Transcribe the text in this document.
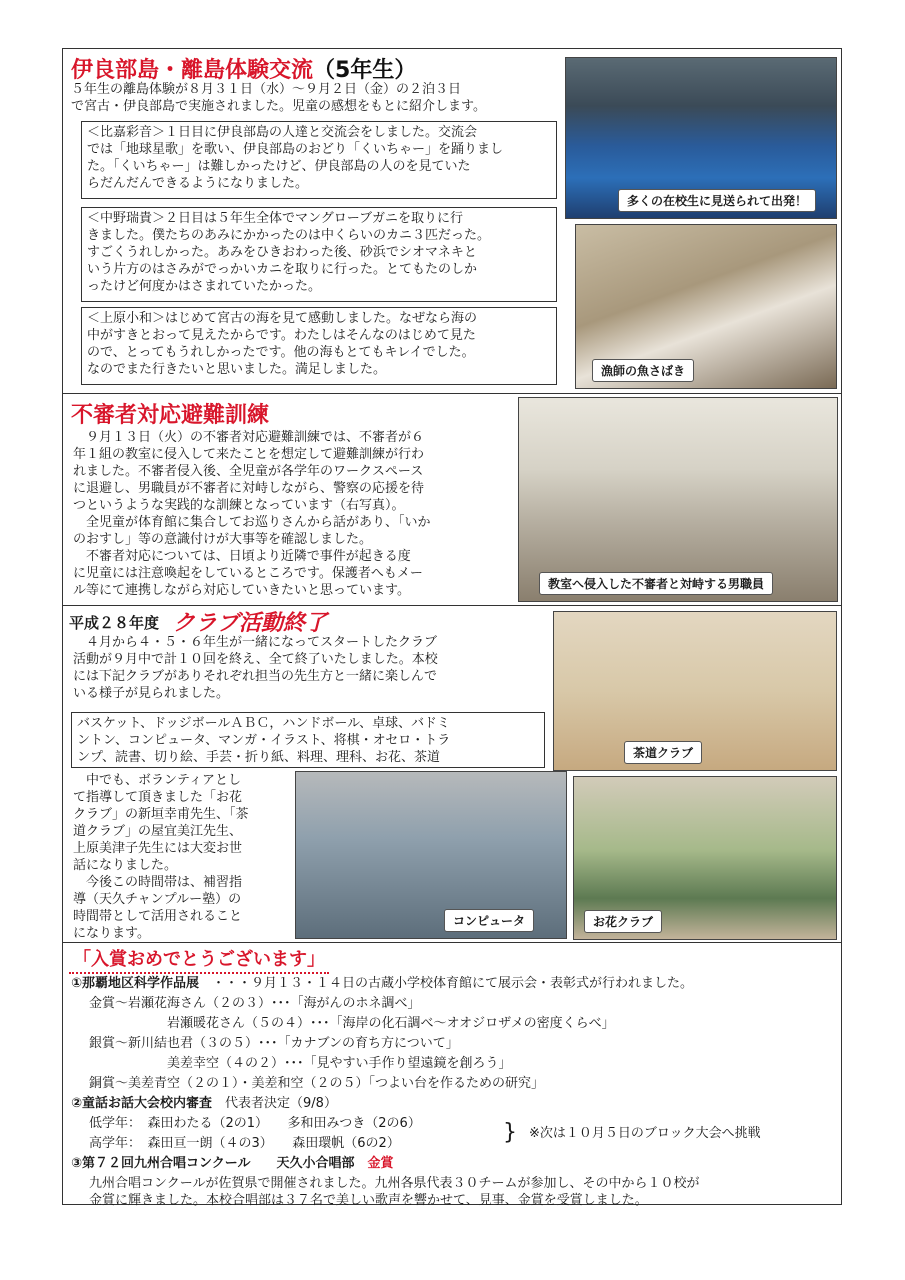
伊良部島・離島体験交流（5年生）
５年生の離島体験が８月３１日（水）～９月２日（金）の２泊３日
で宮古・伊良部島で実施されました。児童の感想をもとに紹介します。
＜比嘉彩音＞１日目に伊良部島の人達と交流会をしました。交流会
では「地球星歌」を歌い、伊良部島のおどり「くいちゃー」を踊りまし
た。「くいちゃー」は難しかったけど、伊良部島の人のを見ていた
らだんだんできるようになりました。
＜中野瑞貴＞２日目は５年生全体でマングローブガニを取りに行
きました。僕たちのあみにかかったのは中くらいのカニ３匹だった。
すごくうれしかった。あみをひきおわった後、砂浜でシオマネキと
いう片方のはさみがでっかいカニを取りに行った。とてもたのしか
ったけど何度かはさまれていたかった。
＜上原小和＞はじめて宮古の海を見て感動しました。なぜなら海の
中がすきとおって見えたからです。わたしはそんなのはじめて見た
ので、とってもうれしかったです。他の海もとてもキレイでした。
なのでまた行きたいと思いました。満足しました。
多くの在校生に見送られて出発！
漁師の魚さばき
不審者対応避難訓練
　９月１３日（火）の不審者対応避難訓練では、不審者が６
年１組の教室に侵入して来たことを想定して避難訓練が行わ
れました。不審者侵入後、全児童が各学年のワークスペース
に退避し、男職員が不審者に対峙しながら、警察の応援を待
つというような実践的な訓練となっています（右写真）。
　全児童が体育館に集合してお巡りさんから話があり、｢いか
のおすし」等の意識付けが大事等を確認しました。
　不審者対応については、日頃より近隣で事件が起きる度
に児童には注意喚起をしているところです。保護者へもメー
ル等にて連携しながら対応していきたいと思っています。	教室へ侵入した不審者と対峙する男職員
平成２８年度 クラブ活動終了
　４月から４・５・６年生が一緒になってスタートしたクラブ
活動が９月中で計１０回を終え、全て終了いたしました。本校
には下記クラブがありそれぞれ担当の先生方と一緒に楽しんで
いる様子が見られました。
バスケット、ドッジボールＡＢＣ，ハンドボール、卓球、バドミ
ントン、コンピュータ、マンガ・イラスト、将棋・オセロ・トラ
ンプ、読書、切り絵、手芸・折り紙、料理、理科、お花、茶道
　中でも、ボランティアとし
て指導して頂きました「お花
クラブ」の新垣幸甫先生、「茶
道クラブ」の屋宜美江先生、
上原美津子先生には大変お世
話になりました。
　今後この時間帯は、補習指
導（天久チャンプルー塾）の
時間帯として活用されること
になります。
茶道クラブ
コンピュータ	お花クラブ
「入賞おめでとうございます」
①那覇地区科学作品展　 ・・・９月１３・１４日の古蔵小学校体育館にて展示会・表彰式が行われました。
金賞～岩瀬花海さん（２の３）･･･「海がんのホネ調べ」
岩瀬暖花さん（５の４）･･･「海岸の化石調べ～オオジロザメの密度くらべ」
銀賞～新川結也君（３の５）･･･「カナブンの育ち方について」
美差幸空（４の２）･･･「見やすい手作り望遠鏡を創ろう」
銅賞～美差青空（２の１）・美差和空（２の５）「つよい台を作るための研究」
②童話お話大会校内審査　 代表者決定（9/8）
低学年：　森田わたる（2の1）　　多和田みつき（2の6）
高学年：　森田亘一朗（４の3）　　森田環帆（6の2）	} ※次は１０月５日のブロック大会へ挑戦
③第７２回九州合唱コンクール　　天久小合唱部　 金賞
九州合唱コンクールが佐賀県で開催されました。九州各県代表３０チームが参加し、その中から１０校が
金賞に輝きました。本校合唱部は３７名で美しい歌声を響かせて、見事、金賞を受賞しました。
